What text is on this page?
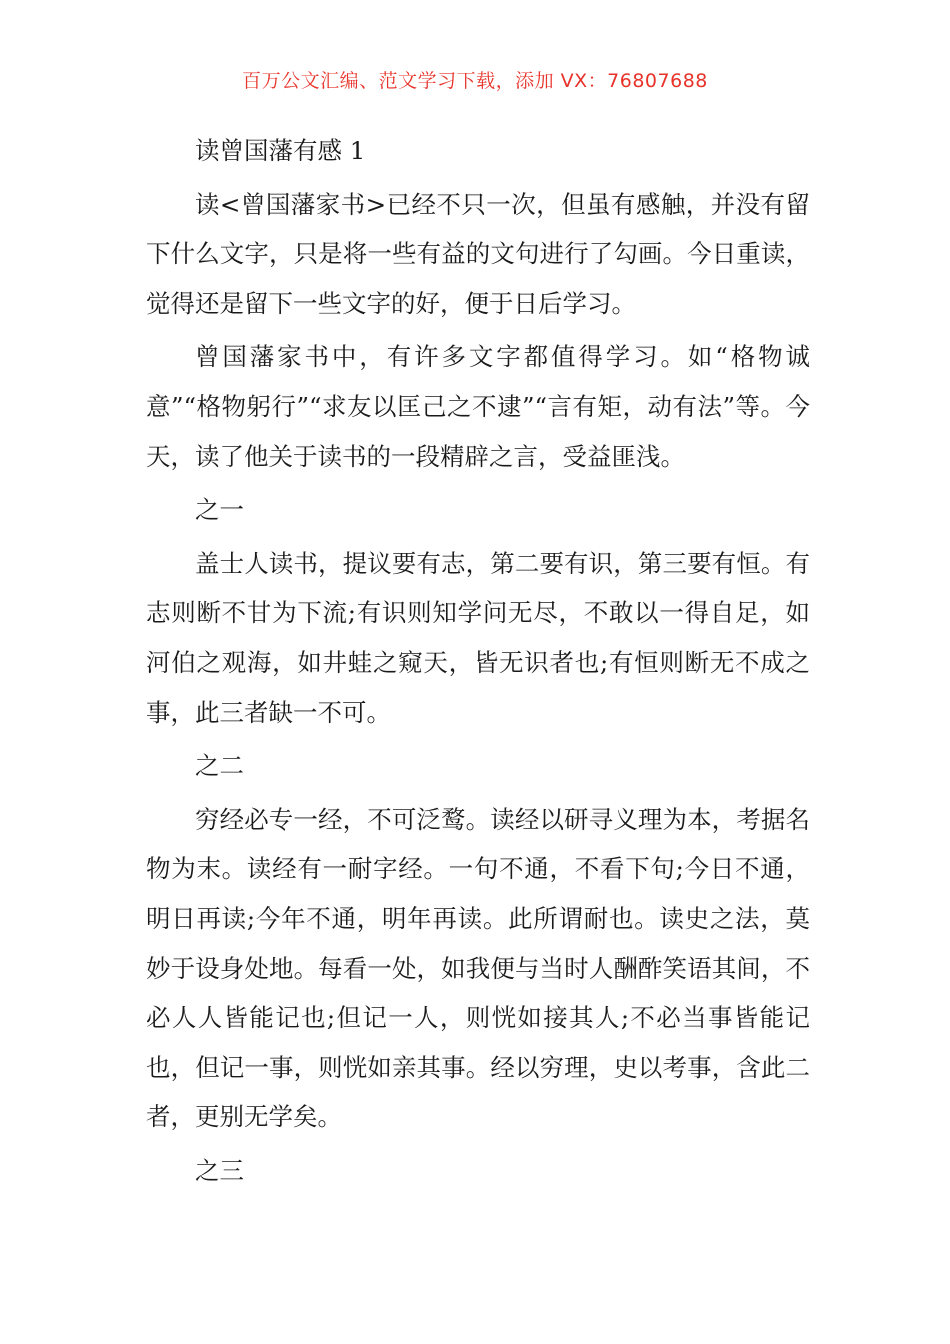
百万公文汇编、范文学习下载，添加 VX：76807688

读曾国藩有感 1

读<曾国藩家书>已经不只一次，但虽有感触，并没有留下什么文字，只是将一些有益的文句进行了勾画。今日重读，觉得还是留下一些文字的好，便于日后学习。

曾国藩家书中，有许多文字都值得学习。如“格物诚意”“格物躬行”“求友以匡己之不逮”“言有矩，动有法”等。今天，读了他关于读书的一段精辟之言，受益匪浅。

之一

盖士人读书，提议要有志，第二要有识，第三要有恒。有志则断不甘为下流;有识则知学问无尽，不敢以一得自足，如河伯之观海，如井蛙之窥天，皆无识者也;有恒则断无不成之事，此三者缺一不可。

之二

穷经必专一经，不可泛鹜。读经以研寻义理为本，考据名物为末。读经有一耐字经。一句不通，不看下句;今日不通，明日再读;今年不通，明年再读。此所谓耐也。读史之法，莫妙于设身处地。每看一处，如我便与当时人酬酢笑语其间，不必人人皆能记也;但记一人，则恍如接其人;不必当事皆能记也，但记一事，则恍如亲其事。经以穷理，史以考事，含此二者，更别无学矣。

之三
